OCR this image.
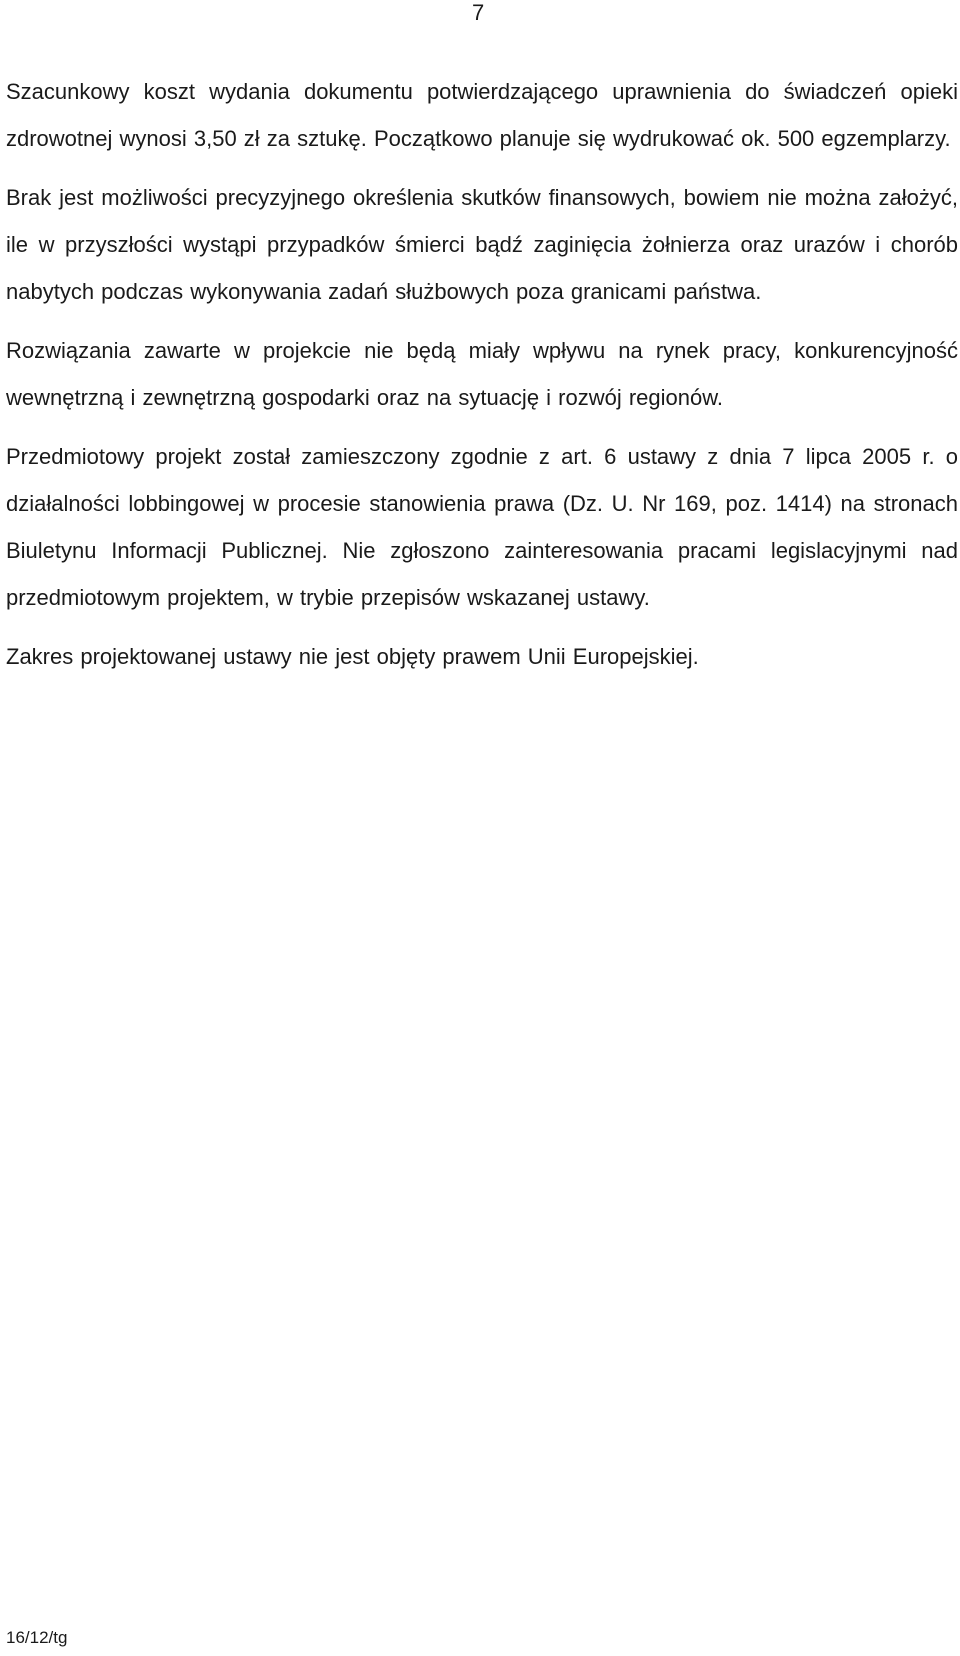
7

Szacunkowy koszt wydania dokumentu potwierdzającego uprawnienia do świadczeń opieki zdrowotnej wynosi 3,50 zł za sztukę. Początkowo planuje się wydrukować ok. 500 egzemplarzy.

Brak jest możliwości precyzyjnego określenia skutków finansowych, bowiem nie można założyć, ile w przyszłości wystąpi przypadków śmierci bądź zaginięcia żołnierza oraz urazów i chorób nabytych podczas wykonywania zadań służbowych poza granicami państwa.

Rozwiązania zawarte w projekcie nie będą miały wpływu na rynek pracy, konkurencyjność wewnętrzną i zewnętrzną gospodarki oraz na sytuację i rozwój regionów.

Przedmiotowy projekt został zamieszczony zgodnie z art. 6 ustawy z dnia 7 lipca 2005 r. o działalności lobbingowej w procesie stanowienia prawa (Dz. U. Nr 169, poz. 1414) na stronach Biuletynu Informacji Publicznej. Nie zgłoszono zainteresowania pracami legislacyjnymi nad przedmiotowym projektem, w trybie przepisów wskazanej ustawy.

Zakres projektowanej ustawy nie jest objęty prawem Unii Europejskiej.

16/12/tg
